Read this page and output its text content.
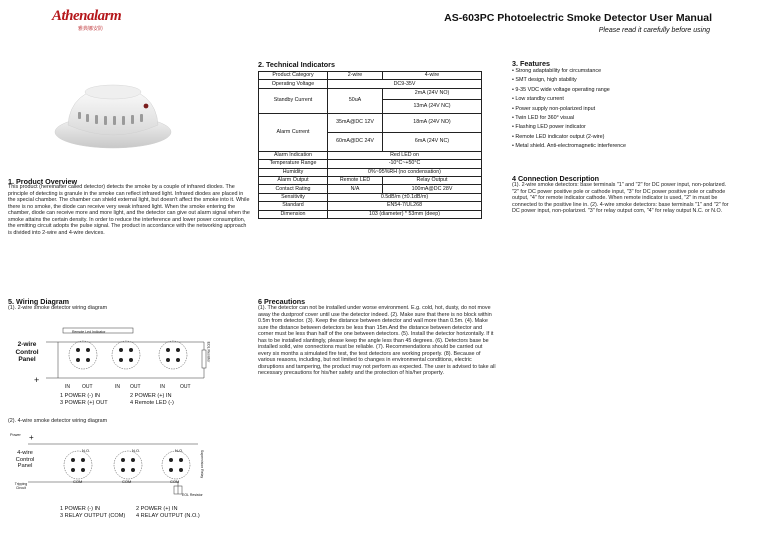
Athenalarm
雅典娜安防
AS-603PC Photoelectric Smoke Detector User Manual
Please read it carefully before using
1. Product Overview
This product (hereinafter called detector) detects the smoke by a couple of infrared diodes. The principle of detecting is granule in the smoke can reflect infrared light. Infrared diodes are placed in the special chamber. The chamber can shield external light, but doesn't affect the smoke into it. While there is no smoke, the diode can receive very weak infrared light. When the smoke entering the chamber, diode can receive more and more light, and the detector can give out alarm signal when the smoke attains the certain density. In order to reduce the interference and lower power consumption, the emitting circuit adopts the pulse signal. The product in accordance with the networking approach is divided into 2-wire and 4-wire devices.
2. Technical Indicators
Product Category	2-wire	4-wire
Operating Voltage	DC9-35V	
Standby Current	50uA	2mA (24V NO)
		13mA (24V NC)
Alarm Current	35mA@DC 12V	18mA (24V NO)
	60mA@DC 24V	6mA (24V NC)
Alarm Indication	Red LED on	
Temperature Range	-10°C~+50°C	
Humidity	0%~95%RH (no condensation)	
Alarm Output	Remote LED	Relay Output
Contact Rating	N/A	100mA@DC 28V
Sensitivity	0.5dB/m (±0.1dB/m)	
Standard	EN54-7/UL268	
Dimension	103 (diameter) * 53mm (deep)	
3. Features
• Strong adaptability for circumstance
• SMT design, high stability
• 9-35 VDC wide voltage operating range
• Low standby current
• Power supply non-polarized input
• Twin LED for 360° visual
• Flashing LED power indicator
• Remote LED indicator output (2-wire)
• Metal shield. Anti-electromagnetic interference
4 Connection Description
(1). 2-wire smoke detectors: base terminals "1" and "2" for DC power input, non-polarized. "2" for DC power positive pole or cathode input, "3" for DC power positive pole or cathode output, "4" for remote indicator cathode. When remote indicator is used, "2" in must be connected to the positive line in. (2). 4-wire smoke detectors: base terminals "1" and "2" for DC power input, non-polarized. "3" for relay output com, "4" for relay output N.C. or N.O.
5. Wiring Diagram
(1). 2-wire smoke detector wiring diagram
2-wire Control Panel
+
Remote Led Indicator
EOL Resistor
IN OUT	IN OUT	IN	OUT
1 POWER (-) IN	2 POWER (+) IN
3 POWER (+) OUT	4 Remote LED (-)
(2). 4-wire smoke detector wiring diagram
Power +
4-wire Control Panel
Tripping Circuit
N.O.	N.O.	N.O.
COM	COM	COM
Supervision Relay
EOL Resistor
1 POWER (-) IN	2 POWER (+) IN
3 RELAY OUTPUT (COM) 4 RELAY OUTPUT (N.O.)
6 Precautions
(1). The detector can not be installed under worse environment. E.g. cold, hot, dusty, do not move away the dustproof cover until use the detector indeed. (2). Make sure that there is no block within 0.5m from detector. (3). Keep the distance between detector and wall more than 0.5m. (4). Make sure the distance between detectors be less than 15m.And the distance between detector and corner must be less than half of the one between detectors. (5). Install the detector horizontally. If it has to be installed slantingly, please keep the angle less than 45 degrees. (6). Detectors base be installed solid, wire connections must be reliable. (7). Recommendations should be carried out every six months a simulated fire test, the test detectors are working properly. (8). Because of various reasons, including, but not limited to changes in environmental conditions, electric disruptions and tampering, the product may not perform as expected. The user is advised to take all necessary precautions for his/her safety and the protection of his/her property.
